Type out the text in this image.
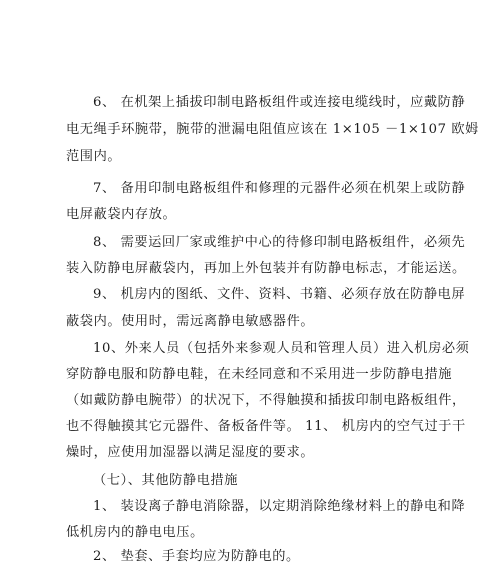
6、 在机架上插拔印制电路板组件或连接电缆线时，应戴防静
电无绳手环腕带，腕带的泄漏电阻值应该在 1×105 －1×107 欧姆
范围内。
7、 备用印制电路板组件和修理的元器件必须在机架上或防静
电屏蔽袋内存放。
8、 需要运回厂家或维护中心的待修印制电路板组件，必须先
装入防静电屏蔽袋内，再加上外包装并有防静电标志，才能运送。
9、 机房内的图纸、文件、资料、书籍、必须存放在防静电屏
蔽袋内。使用时，需远离静电敏感器件。
10、外来人员（包括外来参观人员和管理人员）进入机房必须
穿防静电服和防静电鞋，在未经同意和不采用进一步防静电措施
（如戴防静电腕带）的状况下，不得触摸和插拔印制电路板组件，
也不得触摸其它元器件、备板备件等。 11、 机房内的空气过于干
燥时，应使用加湿器以满足湿度的要求。
（七）、其他防静电措施
1、 装设离子静电消除器，以定期消除绝缘材料上的静电和降
低机房内的静电电压。
2、 垫套、手套均应为防静电的。
